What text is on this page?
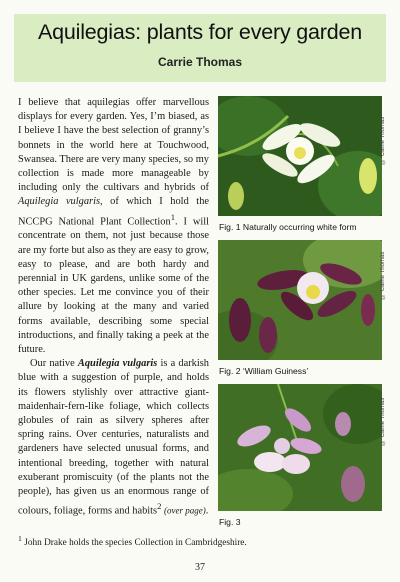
Aquilegias: plants for every garden
Carrie Thomas

I believe that aquilegias offer marvellous displays for every garden. Yes, I’m biased, as I believe I have the best selection of granny’s bonnets in the world here at Touchwood, Swansea. There are very many species, so my collection is made more manageable by including only the cultivars and hybrids of Aquilegia vulgaris, of which I hold the NCCPG National Plant Collection$^1$. I will concentrate on them, not just because those are my forte but also as they are easy to grow, easy to please, and are both hardy and perennial in UK gardens, unlike some of the other species. Let me convince you of their allure by looking at the many and varied forms available, describing some special introductions, and finally taking a peek at the future.

Our native Aquilegia vulgaris is a darkish blue with a suggestion of purple, and holds its flowers stylishly over attractive giant-maidenhair-fern-like foliage, which collects globules of rain as silvery spheres after spring rains. Over centuries, naturalists and gardeners have selected unusual forms, and intentional breeding, together with natural exuberant promiscuity (of the plants not the people), has given us an enormous range of colours, foliage, forms and habits$^2$ (over page).

Fig. 1 Naturally occurring white form
© Carrie Thomas
Fig. 2 ‘William Guiness’
© Carrie Thomas
Fig. 3
© Carrie Thomas
$^1$ John Drake holds the species Collection in Cambridgeshire.
37
